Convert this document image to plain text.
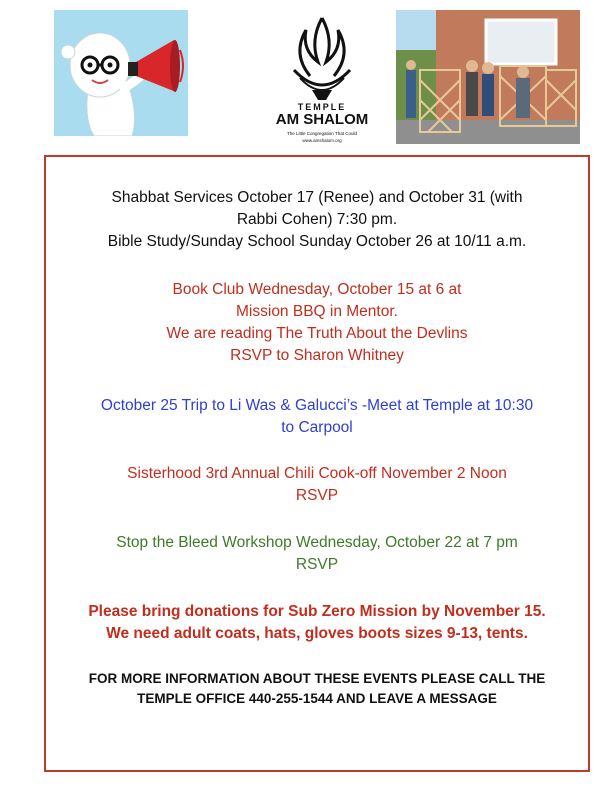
TEMPLE
AM SHALOM
The Little Congregation That Could
www.amshalom.org
Shabbat Services October 17 (Renee) and October 31 (with
Rabbi Cohen) 7:30 pm.
Bible Study/Sunday School Sunday October 26 at 10/11 a.m.
Book Club Wednesday, October 15 at 6 at
Mission BBQ in Mentor.
We are reading The Truth About the Devlins
RSVP to Sharon Whitney
October 25 Trip to Li Was & Galucci’s -Meet at Temple at 10:30
to Carpool
Sisterhood 3rd Annual Chili Cook-off November 2 Noon
RSVP
Stop the Bleed Workshop Wednesday, October 22 at 7 pm
RSVP
Please bring donations for Sub Zero Mission by November 15.
We need adult coats, hats, gloves boots sizes 9-13, tents.
FOR MORE INFORMATION ABOUT THESE EVENTS PLEASE CALL THE
TEMPLE OFFICE 440-255-1544 AND LEAVE A MESSAGE
